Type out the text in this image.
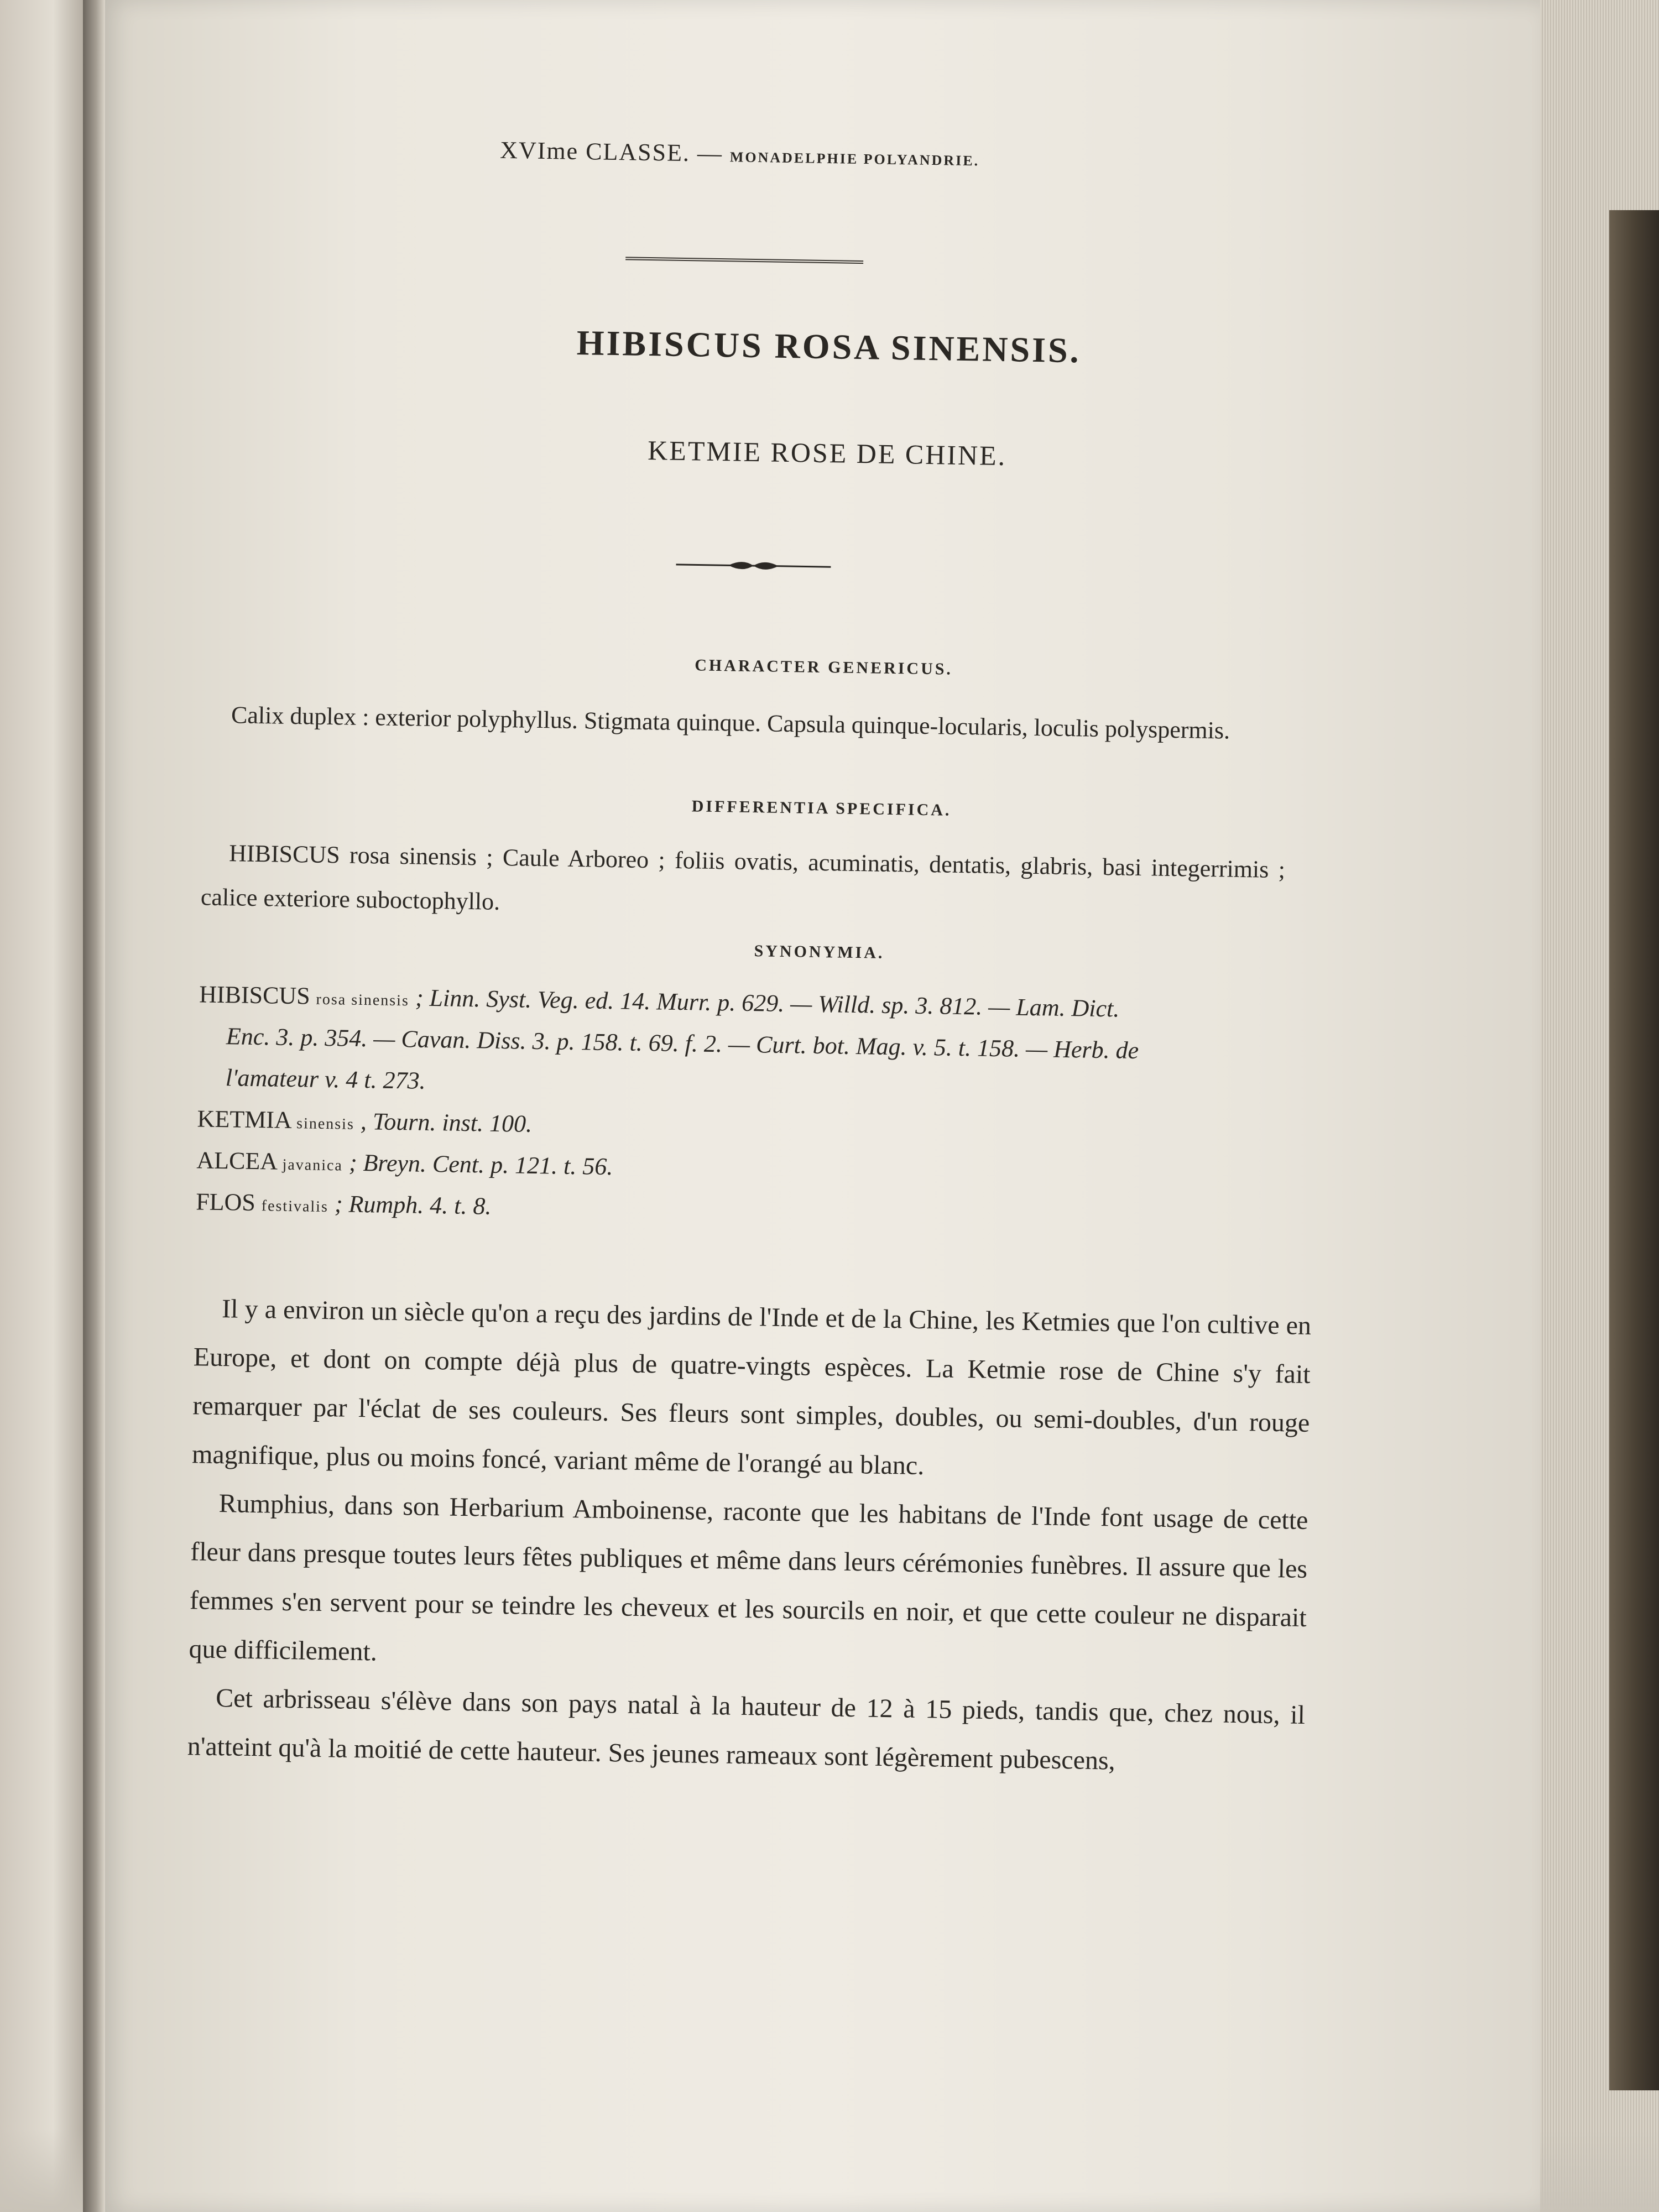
XVIme CLASSE. — MONADELPHIE POLYANDRIE.
HIBISCUS ROSA SINENSIS.
KETMIE ROSE DE CHINE.
CHARACTER GENERICUS.
Calix duplex : exterior polyphyllus. Stigmata quinque. Capsula quinque-locularis, loculis polyspermis.
DIFFERENTIA SPECIFICA.
HIBISCUS rosa sinensis ; Caule Arboreo ; foliis ovatis, acuminatis, dentatis, glabris, basi integerrimis ; calice exteriore suboctophyllo.
SYNONYMIA.
HIBISCUS rosa sinensis ; Linn. Syst. Veg. ed. 14. Murr. p. 629. — Willd. sp. 3. 812. — Lam. Dict.
Enc. 3. p. 354. — Cavan. Diss. 3. p. 158. t. 69. f. 2. — Curt. bot. Mag. v. 5. t. 158. — Herb. de
l'amateur v. 4 t. 273.
KETMIA sinensis , Tourn. inst. 100.
ALCEA javanica ; Breyn. Cent. p. 121. t. 56.
FLOS festivalis ; Rumph. 4. t. 8.

Il y a environ un siècle qu'on a reçu des jardins de l'Inde et de la Chine, les Ketmies que l'on cultive en Europe, et dont on compte déjà plus de quatre-vingts espèces. La Ketmie rose de Chine s'y fait remarquer par l'éclat de ses couleurs. Ses fleurs sont simples, doubles, ou semi-doubles, d'un rouge magnifique, plus ou moins foncé, variant même de l'orangé au blanc.

Rumphius, dans son Herbarium Amboinense, raconte que les habitans de l'Inde font usage de cette fleur dans presque toutes leurs fêtes publiques et même dans leurs cérémonies funèbres. Il assure que les femmes s'en servent pour se teindre les cheveux et les sourcils en noir, et que cette couleur ne disparait que difficilement.

Cet arbrisseau s'élève dans son pays natal à la hauteur de 12 à 15 pieds, tandis que, chez nous, il n'atteint qu'à la moitié de cette hauteur. Ses jeunes rameaux sont légèrement pubescens,
